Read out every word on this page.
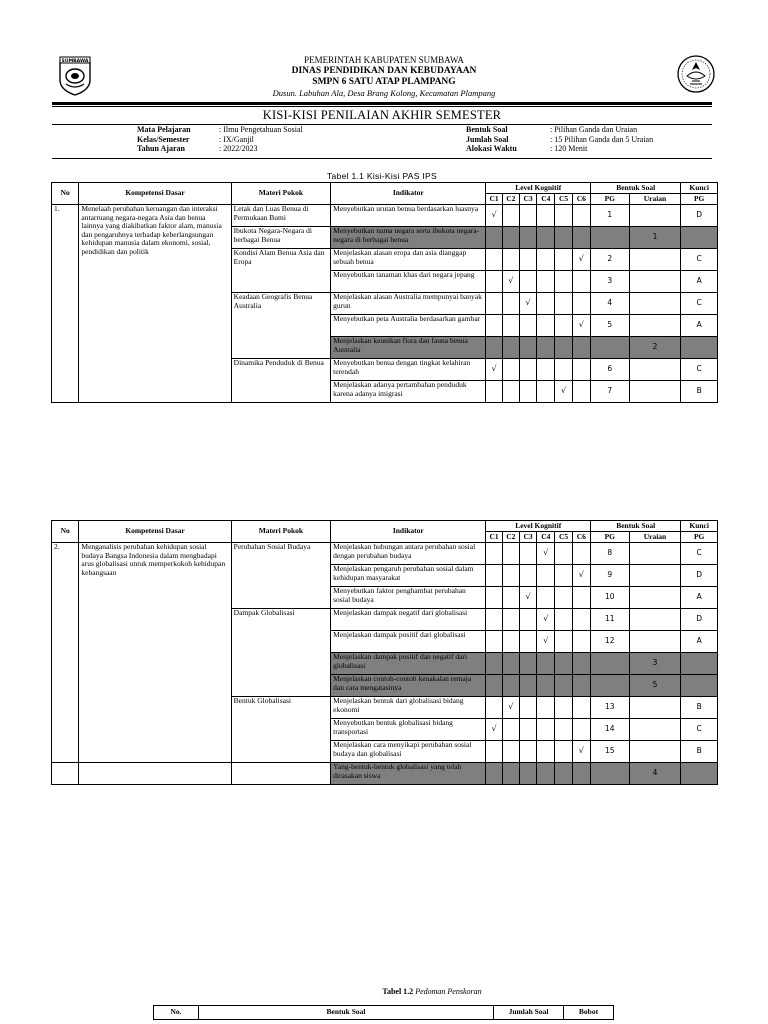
SUMBAWA	PEMERINTAH KABUPATEN SUMBAWA
DINAS PENDIDIKAN DAN KEBUDAYAAN
SMPN 6 SATU ATAP PLAMPANG
Dusun. Labuhan Ala, Desa Brang Kolong, Kecamatan Plampang
KISI-KISI PENILAIAN AKHIR SEMESTER
Mata Pelajaran	: Ilmu Pengetahuan Sosial
Kelas/Semester	: IX/Ganjil
Tahun Ajaran	: 2022/2023
Bentuk Soal	: Pilihan Ganda dan Uraian
Jumlah Soal	: 15 Pilihan Ganda dan 5 Uraian
Alokasi Waktu	: 120 Menit
Tabel 1.1 Kisi-Kisi PAS IPS
No	Kompetensi Dasar	Materi Pokok	Indikator	Level Kognitif						Bentuk Soal		Kunci
				C1	C2	C3	C4	C5	C6	PG	Uraian	PG
1.	Menelaah perubahan keruangan dan interaksi antarruang negara-negara Asia dan benua lainnya yang diakibatkan faktor alam, manusia dan pengaruhnya terhadap keberlangsungan kehidupan manusia dalam ekonomi, sosial, pendidikan dan politik	Letak dan Luas Benua di Permukaan Bumi	Menyebutkan urutan benua berdasarkan luasnya	√						1		D
		Ibukota Negara-Negara di berbagai Benua	Menyebutkan nama negara serta ibukota negara-negara di berbagai benua								1	
		Kondisi Alam Benua Asia dan Eropa	Menjelaskan alasan eropa dan asia dianggap sebuah benua						√	2		C
			Menyebutkan tanaman khas dari negara jepang		√					3		A
		Keadaan Geografis Benua Australia	Menjelaskan alasan Australia mempunyai banyak gurun			√				4		C
			Menyebutkan peta Australia berdasarkan gambar						√	5		A
			Menjelaskan keunikan flora dan fauna benua Australia								2	
		Dinamika Penduduk di Benua	Menyebutkan benua dengan tingkat kelahiran terendah	√						6		C
			Menjelaskan adanya pertambahan penduduk karena adanya imigrasi					√		7		B
No	Kompetensi Dasar	Materi Pokok	Indikator	Level Kognitif						Bentuk Soal		Kunci
				C1	C2	C3	C4	C5	C6	PG	Uraian	PG
2.	Menganalisis perubahan kehidupan sosial budaya Bangsa Indonesia dalam menghadapi arus globalisasi untuk memperkokoh kehidupan kebangsaan	Perubahan Sosial Budaya	Menjelaskan hubungan antara perubahan sosial dengan perubahan budaya				√			8		C
			Menjelaskan pengaruh perubahan sosial dalam kehidupan masyarakat						√	9		D
			Menyebutkan faktor penghambat perubahan sosial budaya			√				10		A
		Dampak Globalisasi	Menjelaskan dampak negatif dari globalisasi				√			11		D
			Menjelaskan dampak positif dari globalisasi				√			12		A
			Menjelaskan dampak positif dan negatif dari globalisasi								3	
			Menjelaskan contoh-contoh kenakalan remaja dan cara mengatasinya								5	
		Bentuk Globalisasi	Menjelaskan bentuk dari globalisasi bidang ekonomi		√					13		B
			Menyebutkan bentuk globalisasi bidang transportasi	√						14		C
			Menjelaskan cara menyikapi perubahan sosial budaya dan globalisasi						√	15		B
			Yang-bentuk-bentuk globalisasi yang telah dirasakan siswa								4	
Tabel 1.2 Pedoman Penskoran
No.	Bentuk Soal	Jumlah Soal	Bobot
